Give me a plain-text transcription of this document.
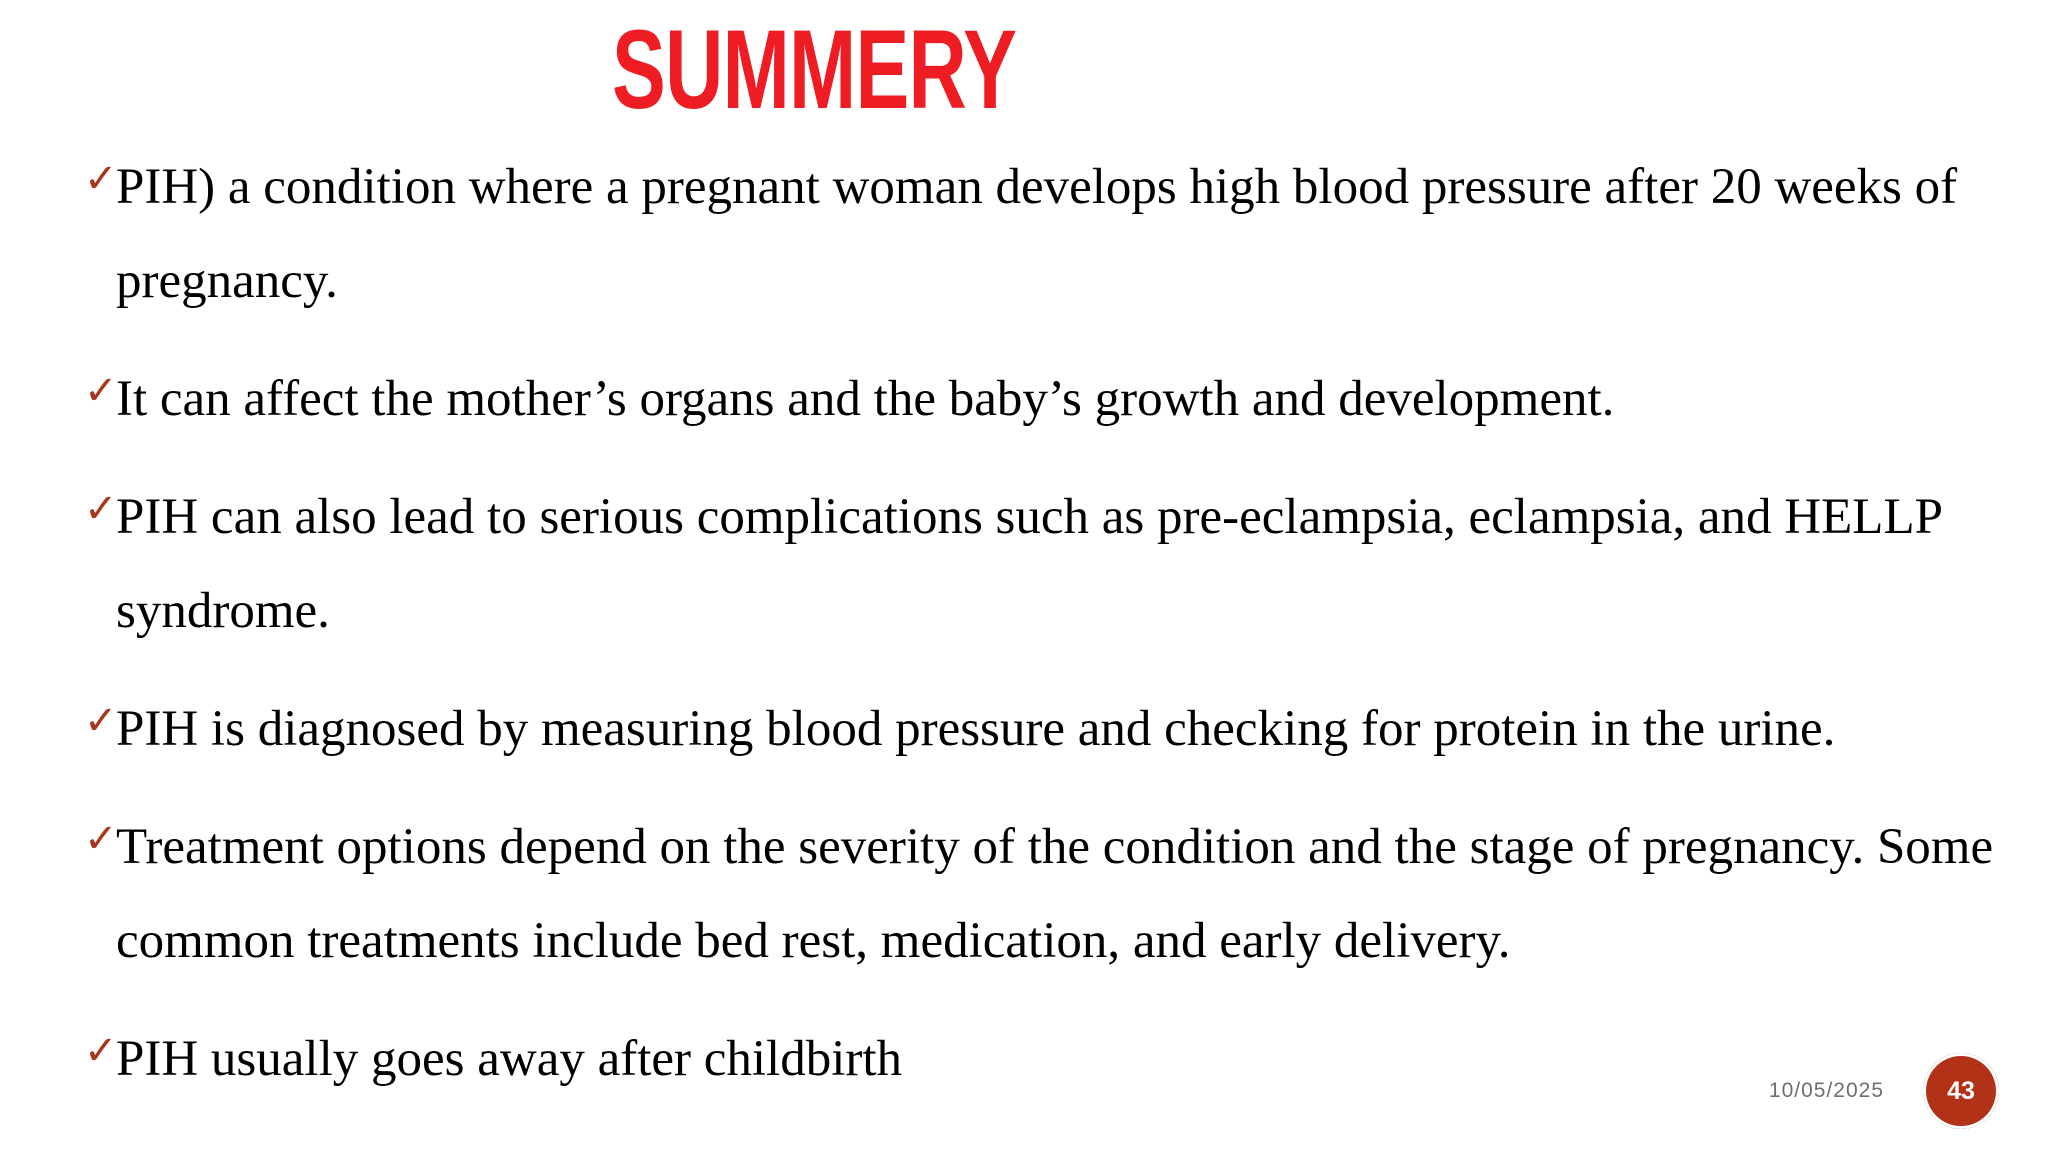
SUMMERY
✓
PIH) a condition where a pregnant woman develops high blood pressure after 20 weeks of pregnancy.
✓
It can affect the mother’s organs and the baby’s growth and development.
✓
PIH can also lead to serious complications such as pre-eclampsia, eclampsia, and HELLP syndrome.
✓
PIH is diagnosed by measuring blood pressure and checking for protein in the urine.
✓
Treatment options depend on the severity of the condition and the stage of pregnancy. Some common treatments include bed rest, medication, and early delivery.
✓
PIH usually goes away after childbirth
10/05/2025	43
